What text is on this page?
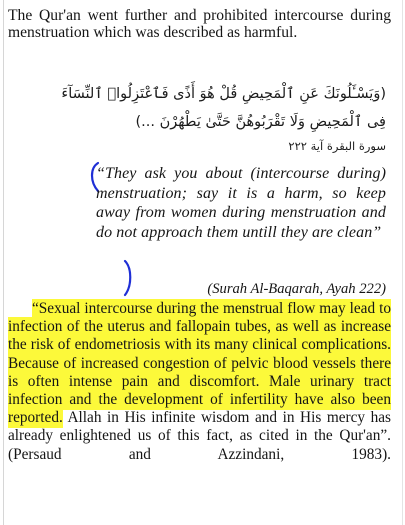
The Qur'an went further and prohibited intercourse during menstruation which was described as harmful.

(وَيَسْـَٔلُونَكَ عَنِ ٱلْمَحِيضِ قُلْ هُوَ أَذًى فَٱعْتَزِلُوا۟ ٱلنِّسَآءَ فِى ٱلْمَحِيضِ وَلَا تَقْرَبُوهُنَّ حَتَّىٰ يَطْهُرْنَ ...)

سورة البقرة آية ٢٢٢

“They ask you about (intercourse during) menstruation; say it is a harm, so keep away from women during menstruation and do not approach them untill they are clean”

(Surah Al-Baqarah, Ayah 222)

“Sexual intercourse during the menstrual flow may lead to infection of the uterus and fallopain tubes, as well as increase the risk of endometriosis with its many clinical complications. Because of increased congestion of pelvic blood vessels there is often intense pain and discomfort. Male urinary tract infection and the development of infertility have also been reported. Allah in His infinite wisdom and in His mercy has already enlightened us of this fact, as cited in the Qur'an”. (Persaud and Azzindani, 1983).
